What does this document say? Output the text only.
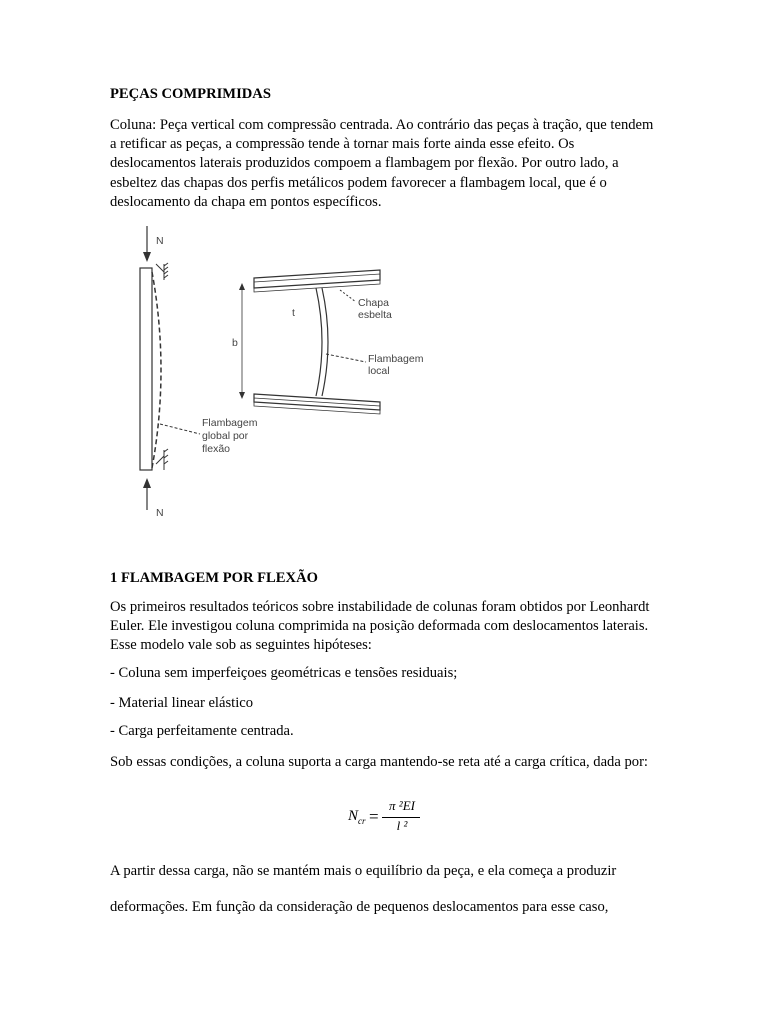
PEÇAS COMPRIMIDAS

Coluna: Peça vertical com compressão centrada. Ao contrário das peças à tração, que tendem a retificar as peças, a compressão tende à tornar mais forte ainda esse efeito. Os deslocamentos laterais produzidos compoem a flambagem por flexão. Por outro lado, a esbeltez das chapas dos perfis metálicos podem favorecer a flambagem local, que é o deslocamento da chapa em pontos específicos.

N
N
b
t
Chapa
esbelta
Flambagem
local
Flambagem
global por
flexão

1 FLAMBAGEM POR FLEXÃO

Os primeiros resultados teóricos sobre instabilidade de colunas foram obtidos por Leonhardt Euler. Ele investigou coluna comprimida na posição deformada com deslocamentos laterais. Esse modelo vale sob as seguintes hipóteses:

- Coluna sem imperfeiçoes geométricas e tensões residuais;

- Material linear elástico

- Carga perfeitamente centrada.

Sob essas condições, a coluna suporta a carga mantendo-se reta até a carga crítica, dada por:

$N_{cr}$ =
π ²EI
l ²

A partir dessa carga, não se mantém mais o equilíbrio da peça, e ela começa a produzir

deformações. Em função da consideração de pequenos deslocamentos para esse caso,
